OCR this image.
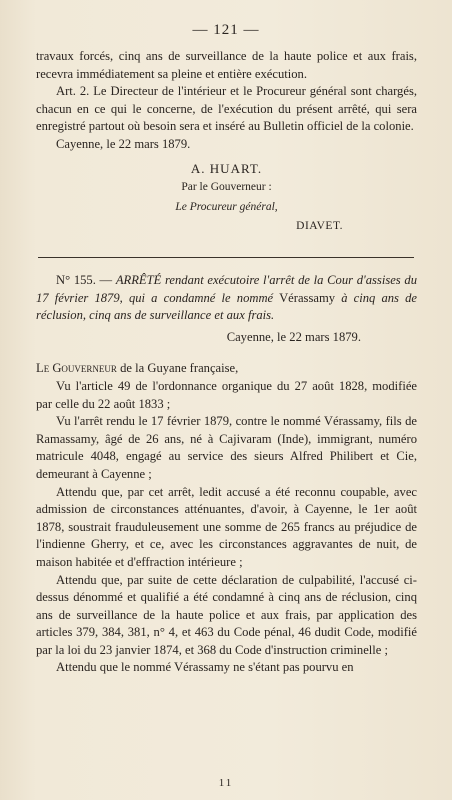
— 121 —

travaux forcés, cinq ans de surveillance de la haute police et aux frais, recevra immédiatement sa pleine et entière exécution.

Art. 2. Le Directeur de l'intérieur et le Procureur général sont chargés, chacun en ce qui le concerne, de l'exécution du présent arrêté, qui sera enregistré partout où besoin sera et inséré au Bulletin officiel de la colonie.

Cayenne, le 22 mars 1879.

A. HUART.
Par le Gouverneur :
Le Procureur général,
DIAVET.

N° 155. — ARRÊTÉ rendant exécutoire l'arrêt de la Cour d'assises du 17 février 1879, qui a condamné le nommé Vérassamy à cinq ans de réclusion, cinq ans de surveillance et aux frais.

Cayenne, le 22 mars 1879.

Le Gouverneur de la Guyane française,

Vu l'article 49 de l'ordonnance organique du 27 août 1828, modifiée par celle du 22 août 1833 ;

Vu l'arrêt rendu le 17 février 1879, contre le nommé Vérassamy, fils de Ramassamy, âgé de 26 ans, né à Cajivaram (Inde), immigrant, numéro matricule 4048, engagé au service des sieurs Alfred Philibert et Cie, demeurant à Cayenne ;

Attendu que, par cet arrêt, ledit accusé a été reconnu coupable, avec admission de circonstances atténuantes, d'avoir, à Cayenne, le 1er août 1878, soustrait frauduleusement une somme de 265 francs au préjudice de l'indienne Gherry, et ce, avec les circonstances aggravantes de nuit, de maison habitée et d'effraction intérieure ;

Attendu que, par suite de cette déclaration de culpabilité, l'accusé ci-dessus dénommé et qualifié a été condamné à cinq ans de réclusion, cinq ans de surveillance de la haute police et aux frais, par application des articles 379, 384, 381, n° 4, et 463 du Code pénal, 46 dudit Code, modifié par la loi du 23 janvier 1874, et 368 du Code d'instruction criminelle ;

Attendu que le nommé Vérassamy ne s'étant pas pourvu en

11
